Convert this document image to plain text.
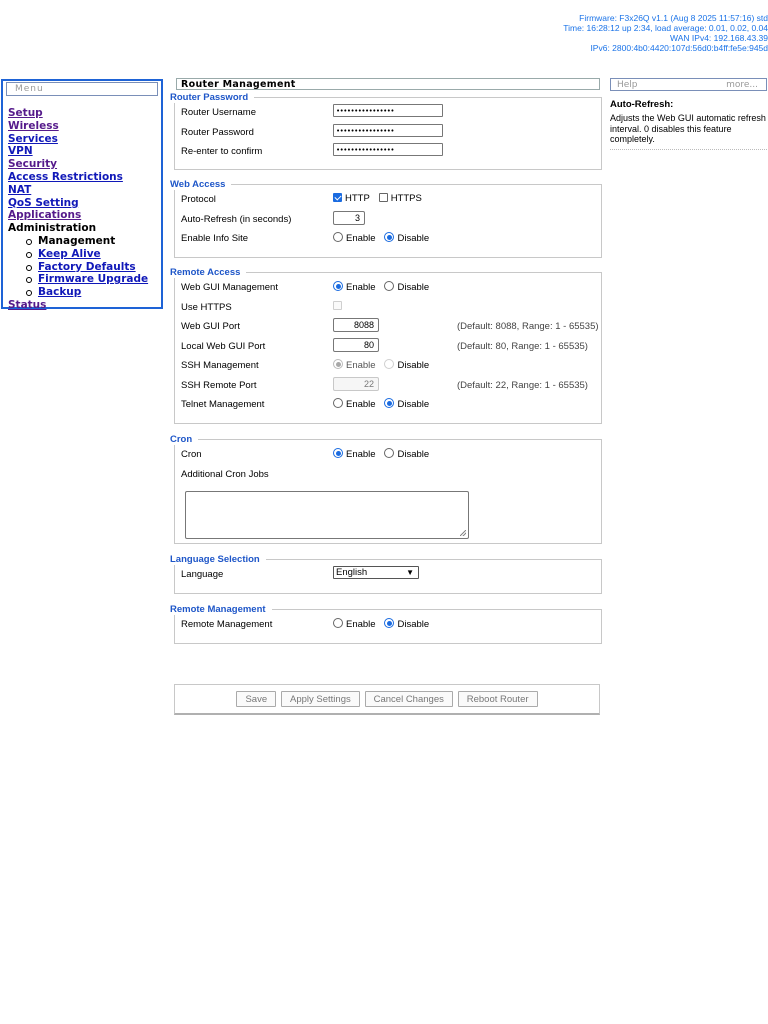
Firmware: F3x26Q v1.1 (Aug 8 2025 11:57:16) std
Time: 16:28:12 up 2:34, load average: 0.01, 0.02, 0.04
WAN IPv4: 192.168.43.39
IPv6: 2800:4b0:4420:107d:56d0:b4ff:fe5e:945d
Menu
Setup
Wireless
Services
VPN
Security
Access Restrictions
NAT
QoS Setting
Applications
Administration
Management
Keep Alive
Factory Defaults
Firmware Upgrade
Backup
Status
Router Management
Router Password
Router Username	••••••••••••••••
Router Password	••••••••••••••••
Re-enter to confirm	••••••••••••••••
Web Access
Protocol	HTTP HTTPS
Auto-Refresh (in seconds)	3
Enable Info Site	Enable Disable
Remote Access
Web GUI Management	Enable Disable
Use HTTPS
Web GUI Port	8088	(Default: 8088, Range: 1 - 65535)
Local Web GUI Port	80	(Default: 80, Range: 1 - 65535)
SSH Management	Enable Disable
SSH Remote Port	22	(Default: 22, Range: 1 - 65535)
Telnet Management	Enable Disable
Cron
Cron	Enable Disable
Additional Cron Jobs
Language Selection
Language	English	▼
Remote Management
Remote Management	Enable Disable
Save Apply Settings Cancel Changes Reboot Router
Help	more...
Auto-Refresh:
Adjusts the Web GUI automatic refresh interval. 0 disables this feature completely.
